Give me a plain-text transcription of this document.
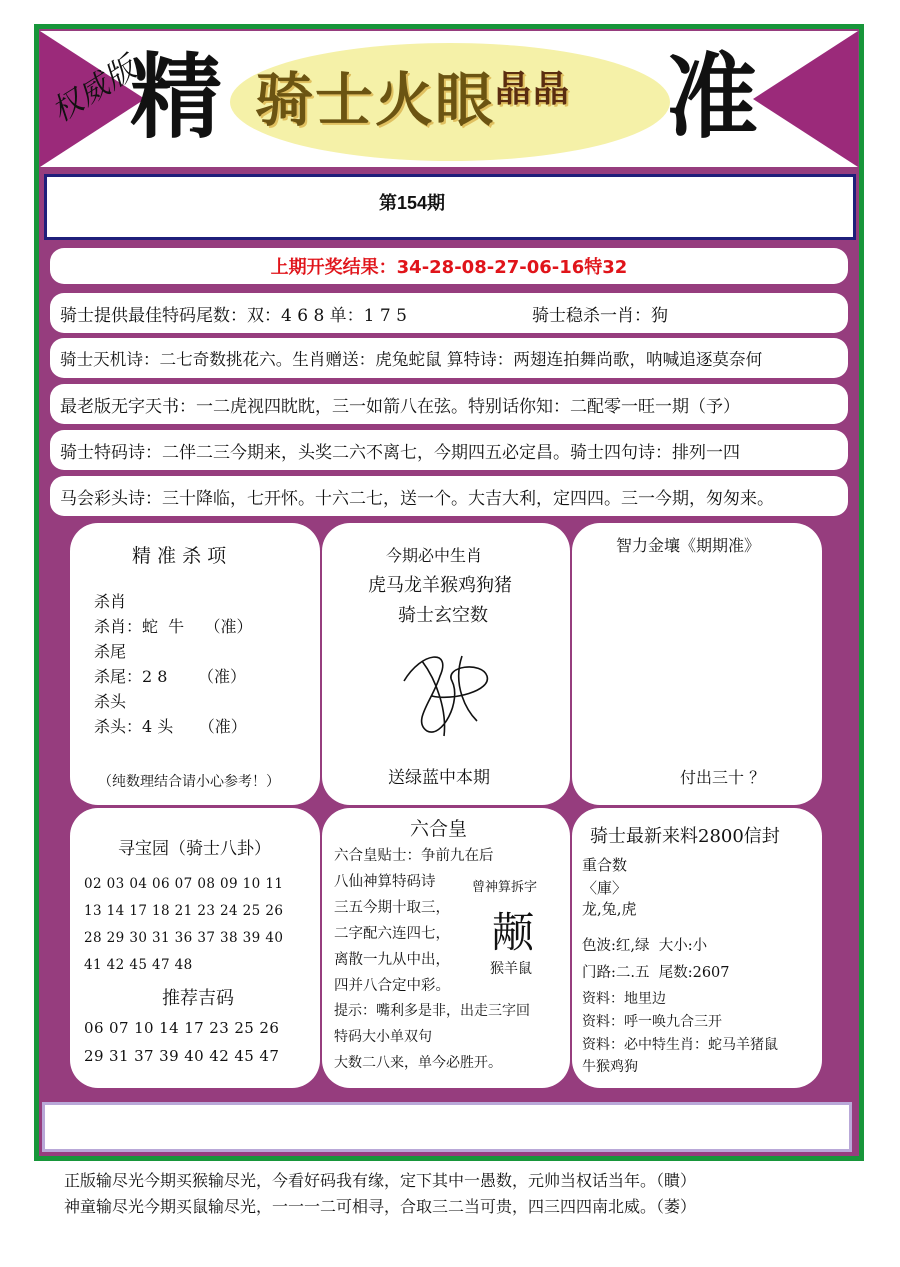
权威版
精 骑士火眼$^{晶晶}$ 准
第154期
上期开奖结果：34-28-08-27-06-16特32
骑士提供最佳特码尾数：双：4 6 8 单：1 7 5	骑士稳杀一肖：狗
骑士天机诗：二七奇数挑花六。生肖赠送：虎兔蛇鼠 算特诗：两翅连拍舞尚歌，呐喊追逐莫奈何
最老版无字天书：一二虎视四眈眈，三一如箭八在弦。特别话你知：二配零一旺一期（予）
骑士特码诗：二伴二三今期来，头奖二六不离七，今期四五必定昌。骑士四句诗：排列一四
马会彩头诗：三十降临，七开怀。十六二七，送一个。大吉大利，定四四。三一今期，匆匆来。
精 准 杀 项
杀肖
杀肖：蛇  牛    （准）
杀尾
杀尾：2 8      （准）
杀头
杀头：4 头     （准）
（纯数理结合请小心参考！）
今期必中生肖
虎马龙羊猴鸡狗猪
骑士玄空数
送绿蓝中本期
智力金壤《期期准》
付出三十 ？
寻宝园（骑士八卦）
02 03 04 06 07 08 09 10 11
13 14 17 18 21 23 24 25 26
28 29 30 31 36 37 38 39 40
41 42 45 47 48
推荐吉码
06 07 10 14 17 23 25 26
29 31 37 39 40 42 45 47
六合皇
六合皇贴士：争前九在后
八仙神算特码诗
三五今期十取三，
二字配六连四七，
离散一九从中出，
四并八合定中彩。
曾神算拆字
颟
猴羊鼠
提示：嘴利多是非，出走三字回
特码大小单双句
大数二八来，单今必胜开。
骑士最新来料2800信封
重合数
〈庫〉
龙,兔,虎
色波:红,绿  大小:小
门路:二.五  尾数:2607
资料：地里边
资料：呼一唤九合三开
资料：必中特生肖：蛇马羊猪鼠
牛猴鸡狗
正版输尽光今期买猴输尽光，今看好码我有缘，定下其中一愚数，元帅当权话当年。（瞶）
神童输尽光今期买鼠输尽光，一一一二可相寻，合取三二当可贵，四三四四南北威。（萎）
